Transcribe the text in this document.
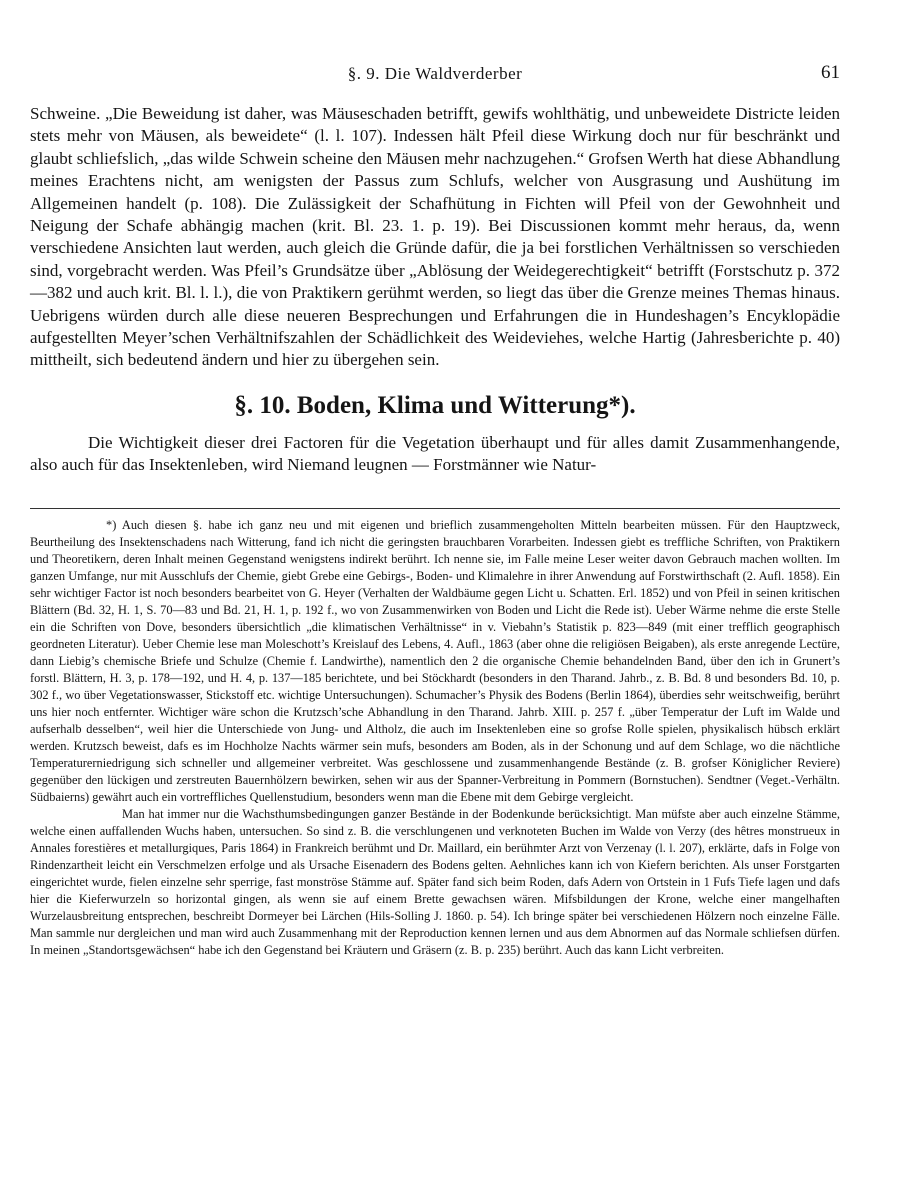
§. 9. Die Waldverderber	61

Schweine. „Die Beweidung ist daher, was Mäuseschaden betrifft, gewifs wohlthätig, und unbeweidete Districte leiden stets mehr von Mäusen, als beweidete“ (l. l. 107). Indessen hält Pfeil diese Wirkung doch nur für beschränkt und glaubt schliefslich, „das wilde Schwein scheine den Mäusen mehr nachzugehen.“ Grofsen Werth hat diese Abhandlung meines Erachtens nicht, am wenigsten der Passus zum Schlufs, welcher von Ausgrasung und Aushütung im Allgemeinen handelt (p. 108). Die Zulässigkeit der Schafhütung in Fichten will Pfeil von der Gewohnheit und Neigung der Schafe abhängig machen (krit. Bl. 23. 1. p. 19). Bei Discussionen kommt mehr heraus, da, wenn verschiedene Ansichten laut werden, auch gleich die Gründe dafür, die ja bei forstlichen Verhältnissen so verschieden sind, vorgebracht werden. Was Pfeil’s Grundsätze über „Ablösung der Weidegerechtigkeit“ betrifft (Forstschutz p. 372—382 und auch krit. Bl. l. l.), die von Praktikern gerühmt werden, so liegt das über die Grenze meines Themas hinaus. Uebrigens würden durch alle diese neueren Besprechungen und Erfahrungen die in Hundeshagen’s Encyklopädie aufgestellten Meyer’schen Verhältnifszahlen der Schädlichkeit des Weideviehes, welche Hartig (Jahresberichte p. 40) mittheilt, sich bedeutend ändern und hier zu übergehen sein.

§. 10. Boden, Klima und Witterung*).

Die Wichtigkeit dieser drei Factoren für die Vegetation überhaupt und für alles damit Zusammenhangende, also auch für das Insektenleben, wird Niemand leugnen — Forstmänner wie Natur-

*) Auch diesen §. habe ich ganz neu und mit eigenen und brieflich zusammengeholten Mitteln bearbeiten müssen. Für den Hauptzweck, Beurtheilung des Insektenschadens nach Witterung, fand ich nicht die geringsten brauchbaren Vorarbeiten. Indessen giebt es treffliche Schriften, von Praktikern und Theoretikern, deren Inhalt meinen Gegenstand wenigstens indirekt berührt. Ich nenne sie, im Falle meine Leser weiter davon Gebrauch machen wollten. Im ganzen Umfange, nur mit Ausschlufs der Chemie, giebt Grebe eine Gebirgs-, Boden- und Klimalehre in ihrer Anwendung auf Forstwirthschaft (2. Aufl. 1858). Ein sehr wichtiger Factor ist noch besonders bearbeitet von G. Heyer (Verhalten der Waldbäume gegen Licht u. Schatten. Erl. 1852) und von Pfeil in seinen kritischen Blättern (Bd. 32, H. 1, S. 70—83 und Bd. 21, H. 1, p. 192 f., wo von Zusammenwirken von Boden und Licht die Rede ist). Ueber Wärme nehme die erste Stelle ein die Schriften von Dove, besonders übersichtlich „die klimatischen Verhältnisse“ in v. Viebahn’s Statistik p. 823—849 (mit einer trefflich geographisch geordneten Literatur). Ueber Chemie lese man Moleschott’s Kreislauf des Lebens, 4. Aufl., 1863 (aber ohne die religiösen Beigaben), als erste anregende Lectüre, dann Liebig’s chemische Briefe und Schulze (Chemie f. Landwirthe), namentlich den 2 die organische Chemie behandelnden Band, über den ich in Grunert’s forstl. Blättern, H. 3, p. 178—192, und H. 4, p. 137—185 berichtete, und bei Stöckhardt (besonders in den Tharand. Jahrb., z. B. Bd. 8 und besonders Bd. 10, p. 302 f., wo über Vegetationswasser, Stickstoff etc. wichtige Untersuchungen). Schumacher’s Physik des Bodens (Berlin 1864), überdies sehr weitschweifig, berührt uns hier noch entfernter. Wichtiger wäre schon die Krutzsch’sche Abhandlung in den Tharand. Jahrb. XIII. p. 257 f. „über Temperatur der Luft im Walde und aufserhalb desselben“, weil hier die Unterschiede von Jung- und Altholz, die auch im Insektenleben eine so grofse Rolle spielen, physikalisch hübsch erklärt werden. Krutzsch beweist, dafs es im Hochholze Nachts wärmer sein mufs, besonders am Boden, als in der Schonung und auf dem Schlage, wo die nächtliche Temperaturerniedrigung sich schneller und allgemeiner verbreitet. Was geschlossene und zusammenhangende Bestände (z. B. grofser Königlicher Reviere) gegenüber den lückigen und zerstreuten Bauernhölzern bewirken, sehen wir aus der Spanner-Verbreitung in Pommern (Bornstuchen). Sendtner (Veget.-Verhältn. Südbaierns) gewährt auch ein vortreffliches Quellenstudium, besonders wenn man die Ebene mit dem Gebirge vergleicht.

Man hat immer nur die Wachsthumsbedingungen ganzer Bestände in der Bodenkunde berücksichtigt. Man müfste aber auch einzelne Stämme, welche einen auffallenden Wuchs haben, untersuchen. So sind z. B. die verschlungenen und verknoteten Buchen im Walde von Verzy (des hêtres monstrueux in Annales forestières et metallurgiques, Paris 1864) in Frankreich berühmt und Dr. Maillard, ein berühmter Arzt von Verzenay (l. l. 207), erklärte, dafs in Folge von Rindenzartheit leicht ein Verschmelzen erfolge und als Ursache Eisenadern des Bodens gelten. Aehnliches kann ich von Kiefern berichten. Als unser Forstgarten eingerichtet wurde, fielen einzelne sehr sperrige, fast monströse Stämme auf. Später fand sich beim Roden, dafs Adern von Ortstein in 1 Fufs Tiefe lagen und dafs hier die Kieferwurzeln so horizontal gingen, als wenn sie auf einem Brette gewachsen wären. Mifsbildungen der Krone, welche einer mangelhaften Wurzelausbreitung entsprechen, beschreibt Dormeyer bei Lärchen (Hils-Solling J. 1860. p. 54). Ich bringe später bei verschiedenen Hölzern noch einzelne Fälle. Man sammle nur dergleichen und man wird auch Zusammenhang mit der Reproduction kennen lernen und aus dem Abnormen auf das Normale schliefsen dürfen. In meinen „Standortsgewächsen“ habe ich den Gegenstand bei Kräutern und Gräsern (z. B. p. 235) berührt. Auch das kann Licht verbreiten.
